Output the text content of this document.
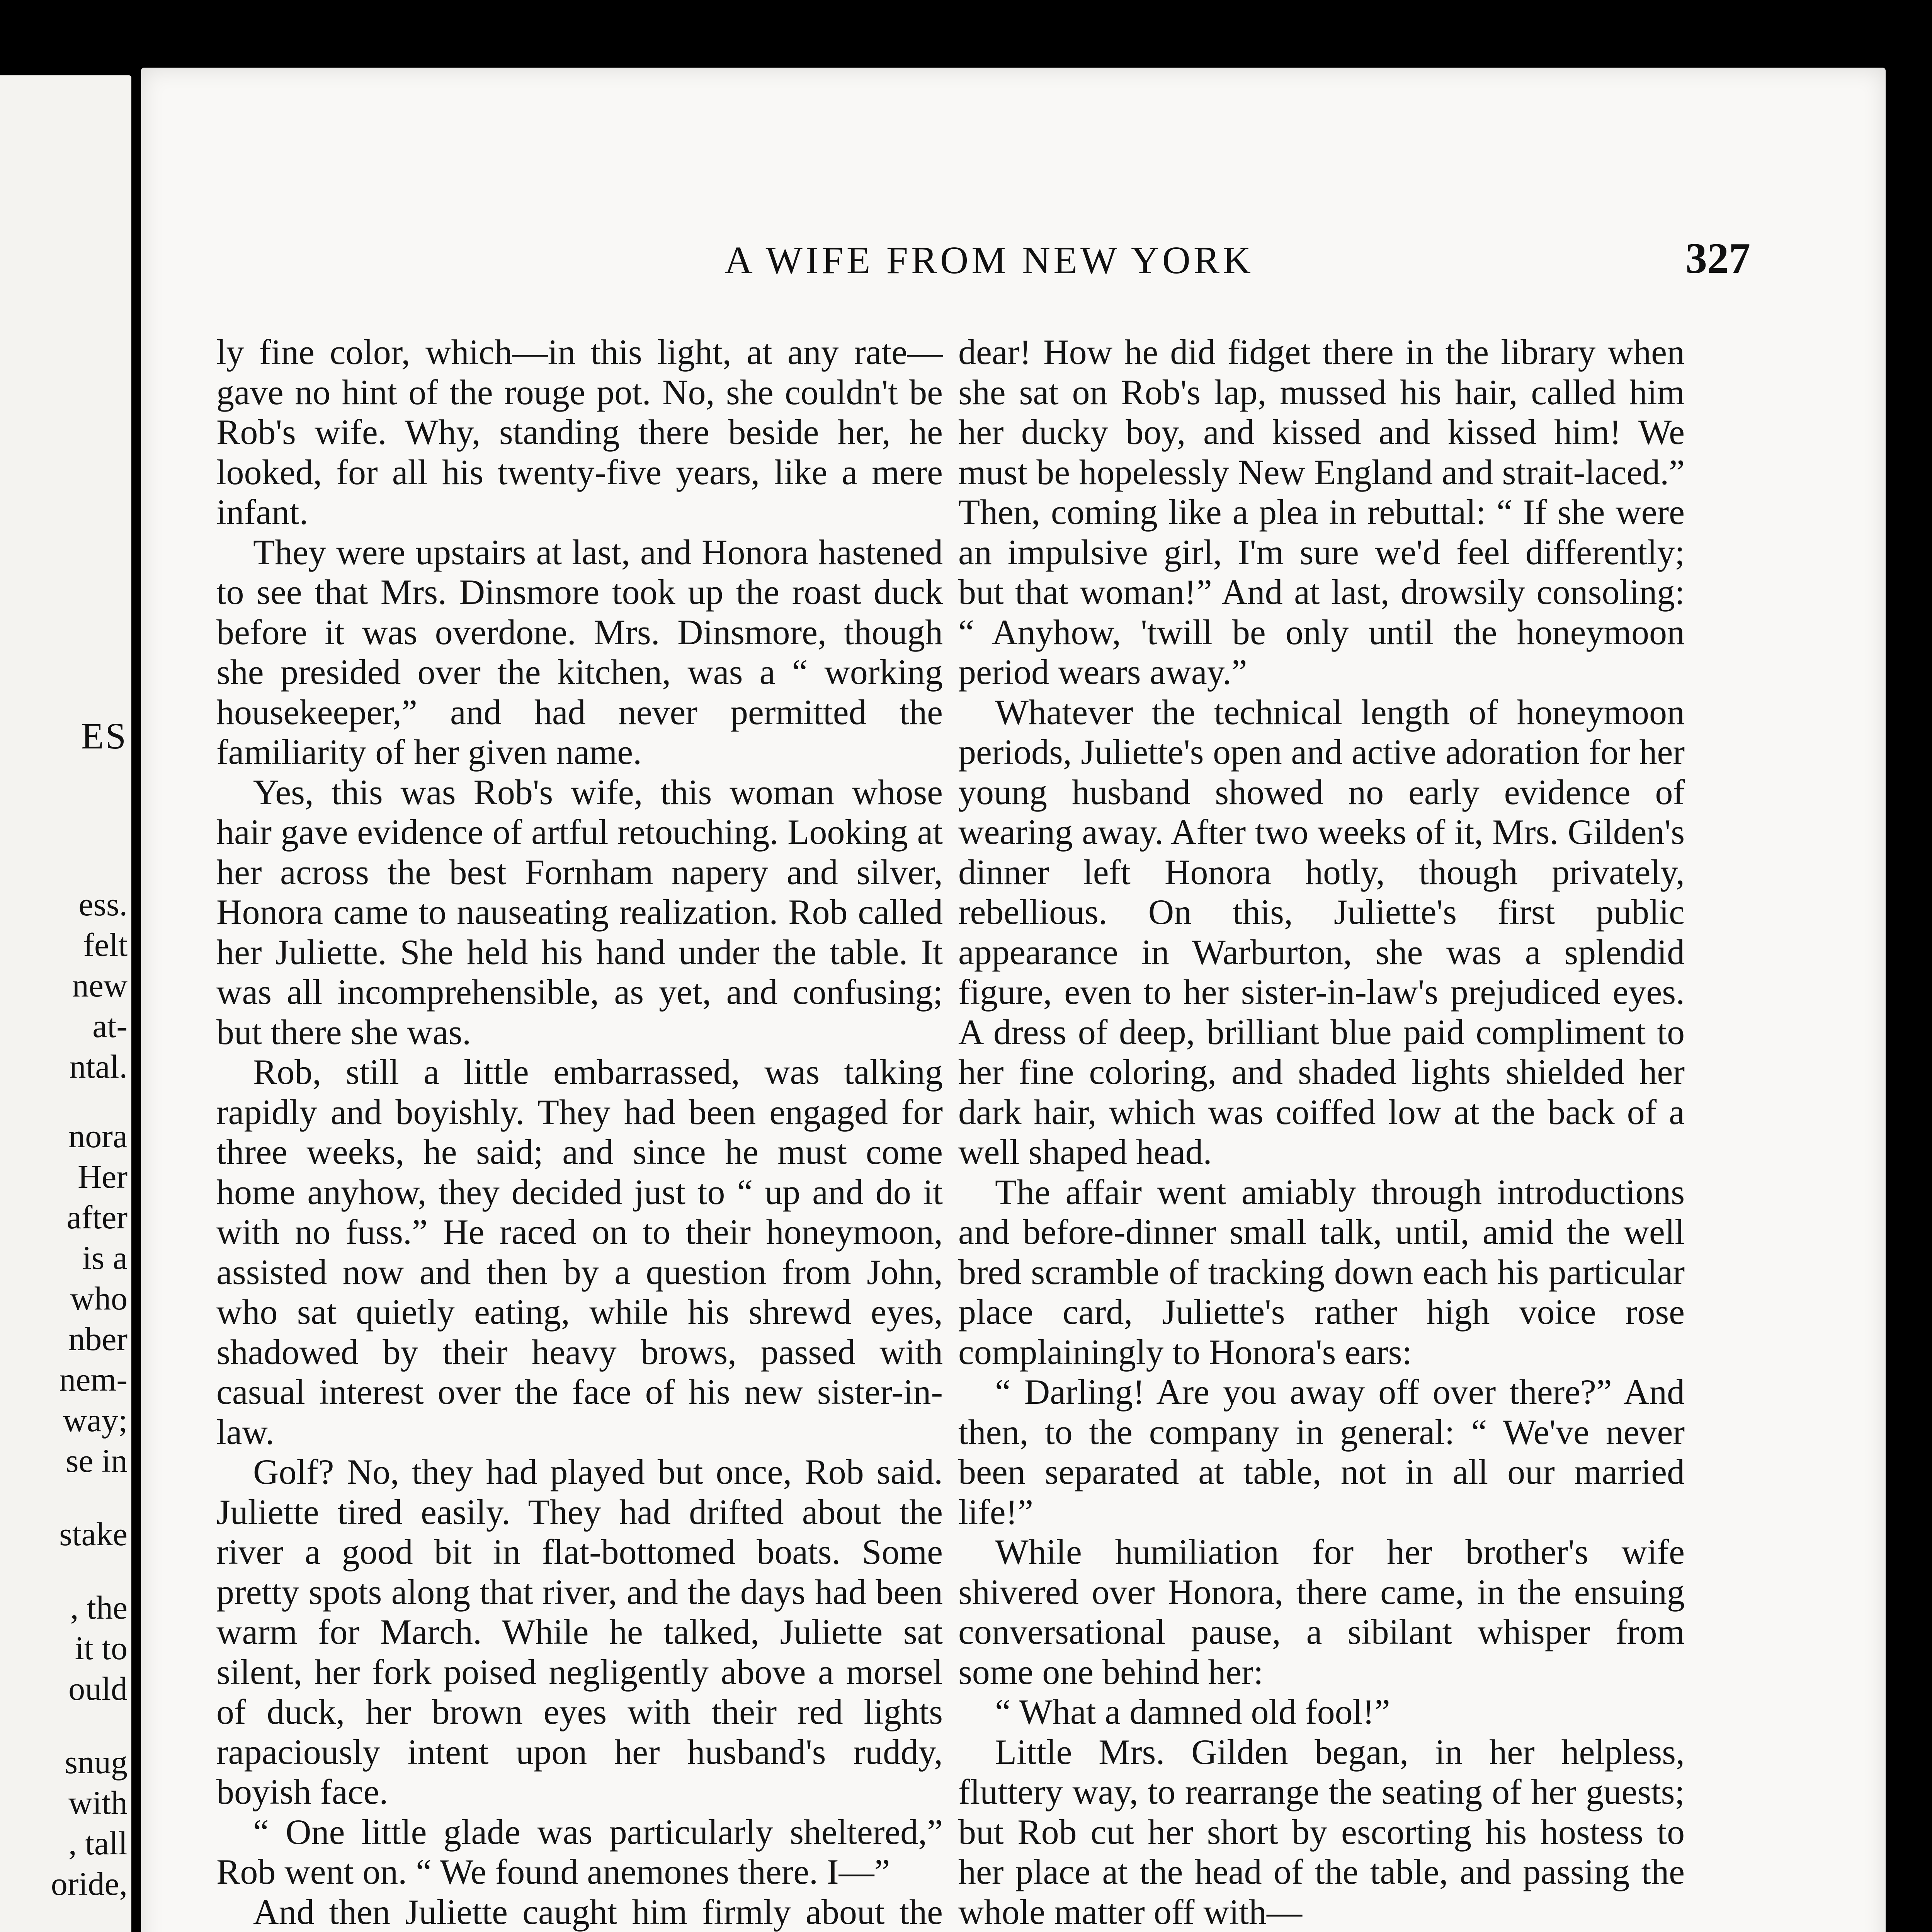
ES
ess.
felt
new
at-
ntal.
nora
Her
after
is a
who
nber
nem-
way;
se in
stake
, the
it to
ould
snug
with
, tall
oride,
A WIFE FROM NEW YORK	327

ly fine color, which—in this light, at any rate—gave no hint of the rouge pot. No, she couldn't be Rob's wife. Why, standing there beside her, he looked, for all his twenty-five years, like a mere infant.

They were upstairs at last, and Honora hastened to see that Mrs. Dinsmore took up the roast duck before it was overdone. Mrs. Dinsmore, though she presided over the kitchen, was a “ working housekeeper,” and had never permitted the familiarity of her given name.

Yes, this was Rob's wife, this woman whose hair gave evidence of artful retouching. Looking at her across the best Fornham napery and silver, Honora came to nauseating realization. Rob called her Juliette. She held his hand under the table. It was all incomprehensible, as yet, and confusing; but there she was.

Rob, still a little embarrassed, was talking rapidly and boyishly. They had been engaged for three weeks, he said; and since he must come home anyhow, they decided just to “ up and do it with no fuss.” He raced on to their honeymoon, assisted now and then by a question from John, who sat quietly eating, while his shrewd eyes, shadowed by their heavy brows, passed with casual interest over the face of his new sister-in-law.

Golf? No, they had played but once, Rob said. Juliette tired easily. They had drifted about the river a good bit in flat-bottomed boats. Some pretty spots along that river, and the days had been warm for March. While he talked, Juliette sat silent, her fork poised negligently above a morsel of duck, her brown eyes with their red lights rapaciously intent upon her husband's ruddy, boyish face.

“ One little glade was particularly sheltered,” Rob went on. “ We found anemones there. I—”

And then Juliette caught him firmly about the

dear! How he did fidget there in the library when she sat on Rob's lap, mussed his hair, called him her ducky boy, and kissed and kissed him! We must be hopelessly New England and strait-laced.” Then, coming like a plea in rebuttal: “ If she were an impulsive girl, I'm sure we'd feel differently; but that woman!” And at last, drowsily consoling: “ Anyhow, 'twill be only until the honeymoon period wears away.”

Whatever the technical length of honeymoon periods, Juliette's open and active adoration for her young husband showed no early evidence of wearing away. After two weeks of it, Mrs. Gilden's dinner left Honora hotly, though privately, rebellious. On this, Juliette's first public appearance in Warburton, she was a splendid figure, even to her sister-in-law's prejudiced eyes. A dress of deep, brilliant blue paid compliment to her fine coloring, and shaded lights shielded her dark hair, which was coiffed low at the back of a well shaped head.

The affair went amiably through introductions and before-dinner small talk, until, amid the well bred scramble of tracking down each his particular place card, Juliette's rather high voice rose complainingly to Honora's ears:

“ Darling! Are you away off over there?” And then, to the company in general: “ We've never been separated at table, not in all our married life!”

While humiliation for her brother's wife shivered over Honora, there came, in the ensuing conversational pause, a sibilant whisper from some one behind her:

“ What a damned old fool!”

Little Mrs. Gilden began, in her helpless, fluttery way, to rearrange the seating of her guests; but Rob cut her short by escorting his hostess to her place at the head of the table, and passing the whole matter off with—
